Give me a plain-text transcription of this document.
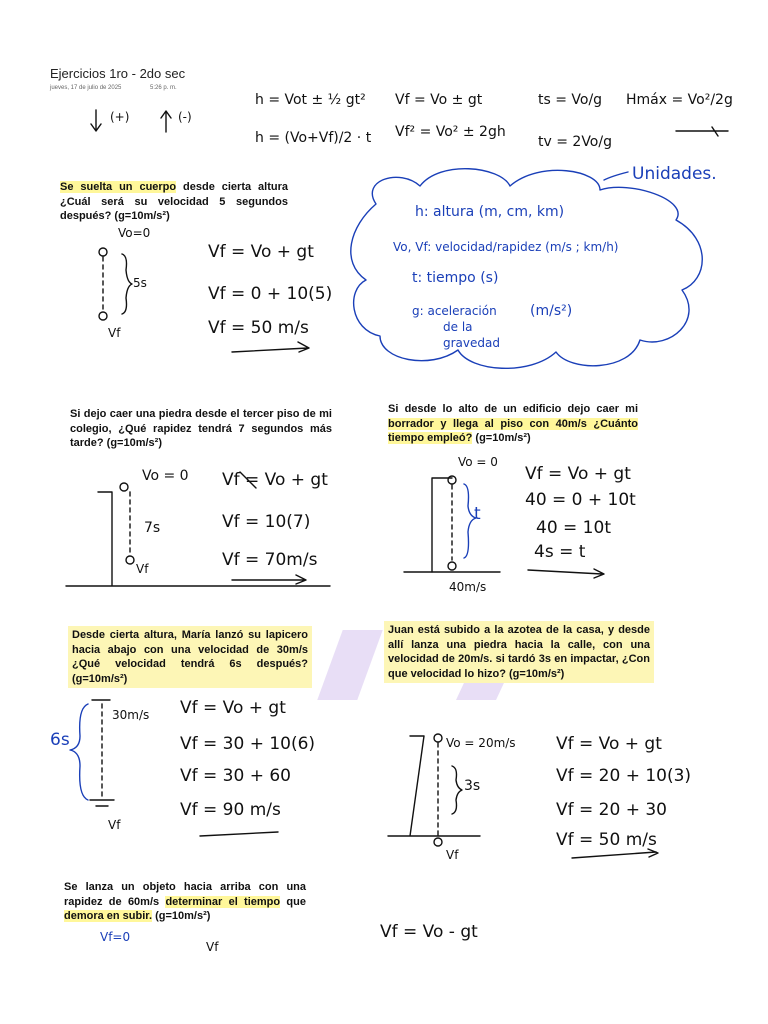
Ejercicios 1ro - 2do sec
jueves, 17 de julio de 2025	5:26 p. m.
(+)	(-)
h = Vot ± ½ gt²
h = (Vo+Vf)/2 · t
Vf = Vo ± gt
Vf² = Vo² ± 2gh
ts = Vo/g
tv = 2Vo/g
Hmáx = Vo²/2g
Unidades.
h: altura (m, cm, km)
Vo, Vf: velocidad/rapidez (m/s ; km/h)
t: tiempo (s)
g: aceleración
de la
gravedad
(m/s²)
Se suelta un cuerpo desde cierta altura ¿Cuál será su velocidad 5 segundos después? (g=10m/s²)
Vo=0
5s
Vf
Vf = Vo + gt
Vf = 0 + 10(5)
Vf = 50 m/s
Si dejo caer una piedra desde el tercer piso de mi colegio, ¿Qué rapidez tendrá 7 segundos más tarde? (g=10m/s²)
Vo = 0
7s
Vf
Vf = Vo + gt
Vf = 10(7)
Vf = 70m/s
Si desde lo alto de un edificio dejo caer mi borrador y llega al piso con 40m/s ¿Cuánto tiempo empleó? (g=10m/s²)
Vo = 0
t
40m/s
Vf = Vo + gt
40 = 0 + 10t
40 = 10t
4s = t
Desde cierta altura, María lanzó su lapicero hacia abajo con una velocidad de 30m/s ¿Qué velocidad tendrá 6s después? (g=10m/s²)
30m/s
6s
Vf
Vf = Vo + gt
Vf = 30 + 10(6)
Vf = 30 + 60
Vf = 90 m/s
Juan está subido a la azotea de la casa, y desde allí lanza una piedra hacia la calle, con una velocidad de 20m/s. si tardó 3s en impactar, ¿Con que velocidad lo hizo? (g=10m/s²)
Vo = 20m/s
3s
Vf
Vf = Vo + gt
Vf = 20 + 10(3)
Vf = 20 + 30
Vf = 50 m/s
Se lanza un objeto hacia arriba con una rapidez de 60m/s determinar el tiempo que demora en subir. (g=10m/s²)
Vf=0
Vf
Vf = Vo - gt
